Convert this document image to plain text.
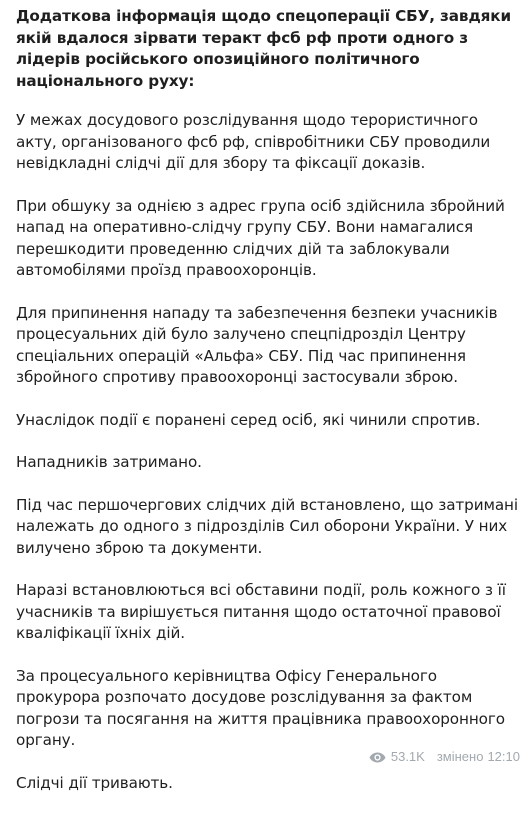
Додаткова інформація щодо спецоперації СБУ, завдяки якій вдалося зірвати теракт фсб рф проти одного з лідерів російського опозиційного політичного національного руху:
У межах досудового розслідування щодо терористичного акту, організованого фсб рф, співробітники СБУ проводили невідкладні слідчі дії для збору та фіксації доказів.
При обшуку за однією з адрес група осіб здійснила збройний напад на оперативно-слідчу групу СБУ. Вони намагалися перешкодити проведенню слідчих дій та заблокували автомобілями проїзд правоохоронців.
Для припинення нападу та забезпечення безпеки учасників процесуальних дій було залучено спецпідрозділ Центру спеціальних операцій «Альфа» СБУ. Під час припинення збройного спротиву правоохоронці застосували зброю.
Унаслідок події є поранені серед осіб, які чинили спротив.
Нападників затримано.
Під час першочергових слідчих дій встановлено, що затримані належать до одного з підрозділів Сил оборони України. У них вилучено зброю та документи.
Наразі встановлюються всі обставини події, роль кожного з її учасників та вирішується питання щодо остаточної правової кваліфікації їхніх дій.
За процесуального керівництва Офісу Генерального прокурора розпочато досудове розслідування за фактом погрози та посягання на життя працівника правоохоронного органу.
Слідчі дії тривають.
53.1K змінено 12:10
